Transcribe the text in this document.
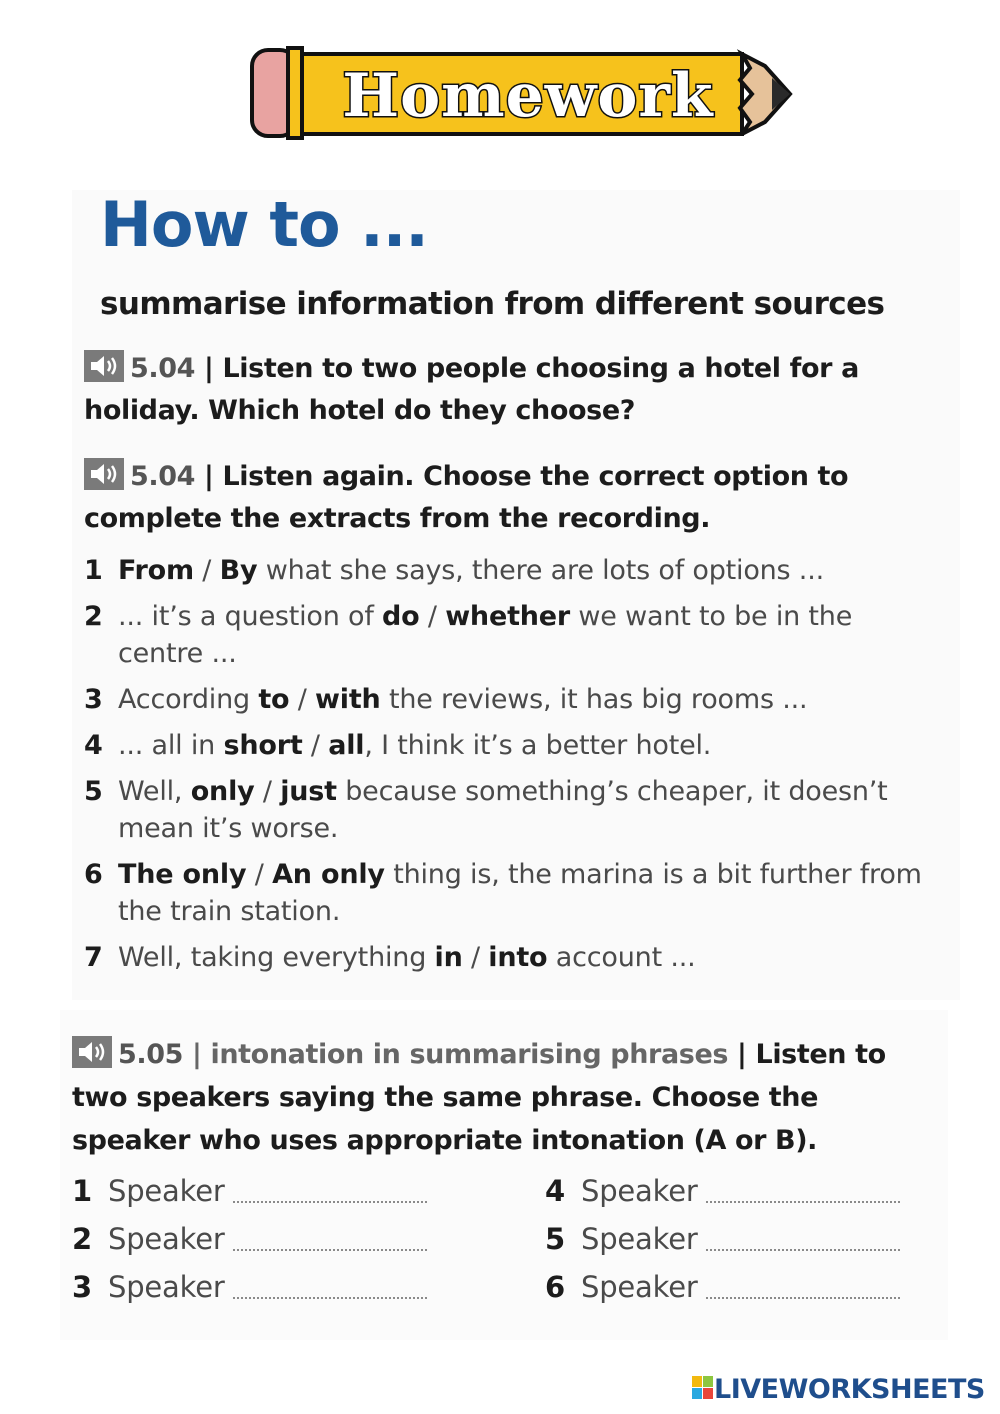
Homework
How to ...
summarise information from different sources
5.04 | Listen to two people choosing a hotel for a holiday. Which hotel do they choose?
5.04 | Listen again. Choose the correct option to complete the extracts from the recording.
1 From / By what she says, there are lots of options ...
2 ... it’s a question of do / whether we want to be in the centre ...
3 According to / with the reviews, it has big rooms ...
4 ... all in short / all, I think it’s a better hotel.
5 Well, only / just because something’s cheaper, it doesn’t mean it’s worse.
6 The only / An only thing is, the marina is a bit further from the train station.
7 Well, taking everything in / into account ...
5.05 | intonation in summarising phrases | Listen to two speakers saying the same phrase. Choose the speaker who uses appropriate intonation (A or B).
1 Speaker
2 Speaker
3 Speaker
4 Speaker
5 Speaker
6 Speaker
LIVEWORKSHEETS
